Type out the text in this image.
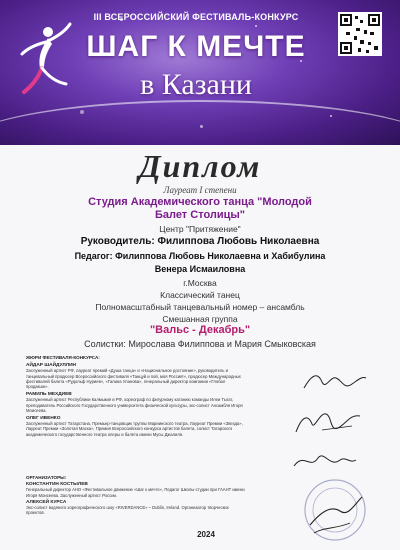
III ВСЕРОССИЙСКИЙ ФЕСТИВАЛЬ-КОНКУРС
ШАГ К МЕЧТЕ
в Казани
Диплом
Лауреат I степени
Студия Академического танца "Молодой
Балет Столицы"
Центр "Притяжение"
Руководитель: Филиппова Любовь Николаевна
Педагог: Филиппова Любовь Николаевна и Хабибулина
Венера Исмаиловна
г.Москва
Классический танец
Полномасштабный танцевальный номер – ансамбль
Смешанная группа
"Вальс - Декабрь"
Солистки: Мирослава Филиппова и Мария Смыковская
ЖЮРИ ФЕСТИВАЛЯ-КОНКУРСА:
АЙДАР ШАЙДУЛЛИН
Заслуженный артист РФ, лауреат премий «Душа танца» и «Национальное достояние», руководитель и танцевальный продюсер Всероссийского фестиваля «Танцуй и пой, моя Россия!», продюсер Международных фестивалей балета «Рудольф Нуриев», «Галина Уланова», генеральный директор компании «Глобал продакшн».
РАМИЛЬ МЕХДИЕВ
Заслуженный артист Республики Калмыкия и РФ, хореограф по фигурному катанию команды Илеи Тыгат, преподаватель Российского Государственного университета физической культуры, экс-солист Ансамбля Игоря Моисеева.
ОЛЕГ ИВЕНКО
Заслуженный артист Татарстана, Премьер-танцовщик труппы Мариинского театра, Лауреат Премии «Звезда», Лауреат Премии «Золотая Маска», Премия Всероссийского конкурса артистов балета, солист Татарского академического государственного театра оперы и балета имени Мусы Джалиля.
ОРГАНИЗАТОРЫ:
КОНСТАНТИН КОСТЫЛЕВ
Генеральный директор АНО «Фестивальное движение «Шаг к мечте», Педагог Школы-студии при ГААНТ имени Игоря Моисеева. Заслуженный артист России.
АЛЕКСЕЙ КУРСА
Экс-солист водяного хореографического шоу «RIVERDANCE» – Dublin, Ireland. Организатор творческих проектов.
2024
